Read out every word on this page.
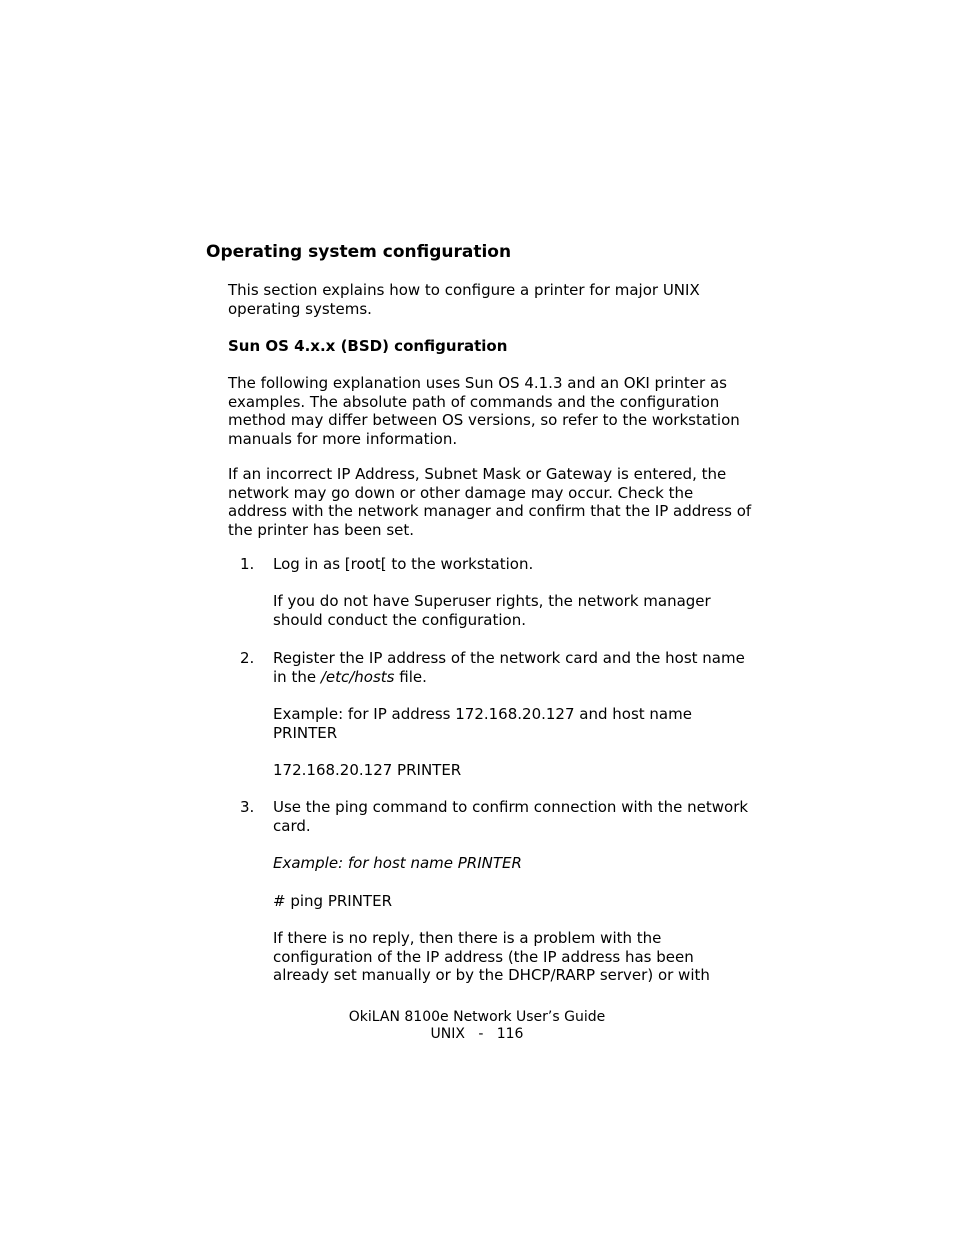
Operating system configuration
This section explains how to configure a printer for major UNIX operating systems.
Sun OS 4.x.x (BSD) configuration
The following explanation uses Sun OS 4.1.3 and an OKI printer as examples. The absolute path of commands and the configuration method may differ between OS versions, so refer to the workstation manuals for more information.
If an incorrect IP Address, Subnet Mask or Gateway is entered, the network may go down or other damage may occur. Check the address with the network manager and confirm that the IP address of the printer has been set.
1. Log in as [root[ to the workstation.
If you do not have Superuser rights, the network manager should conduct the configuration.
2. Register the IP address of the network card and the host name in the /etc/hosts file.
Example: for IP address 172.168.20.127 and host name PRINTER
172.168.20.127 PRINTER
3. Use the ping command to confirm connection with the network card.
Example: for host name PRINTER
# ping PRINTER
If there is no reply, then there is a problem with the configuration of the IP address (the IP address has been already set manually or by the DHCP/RARP server) or with
OkiLAN 8100e Network User’s Guide
UNIX   -   116
